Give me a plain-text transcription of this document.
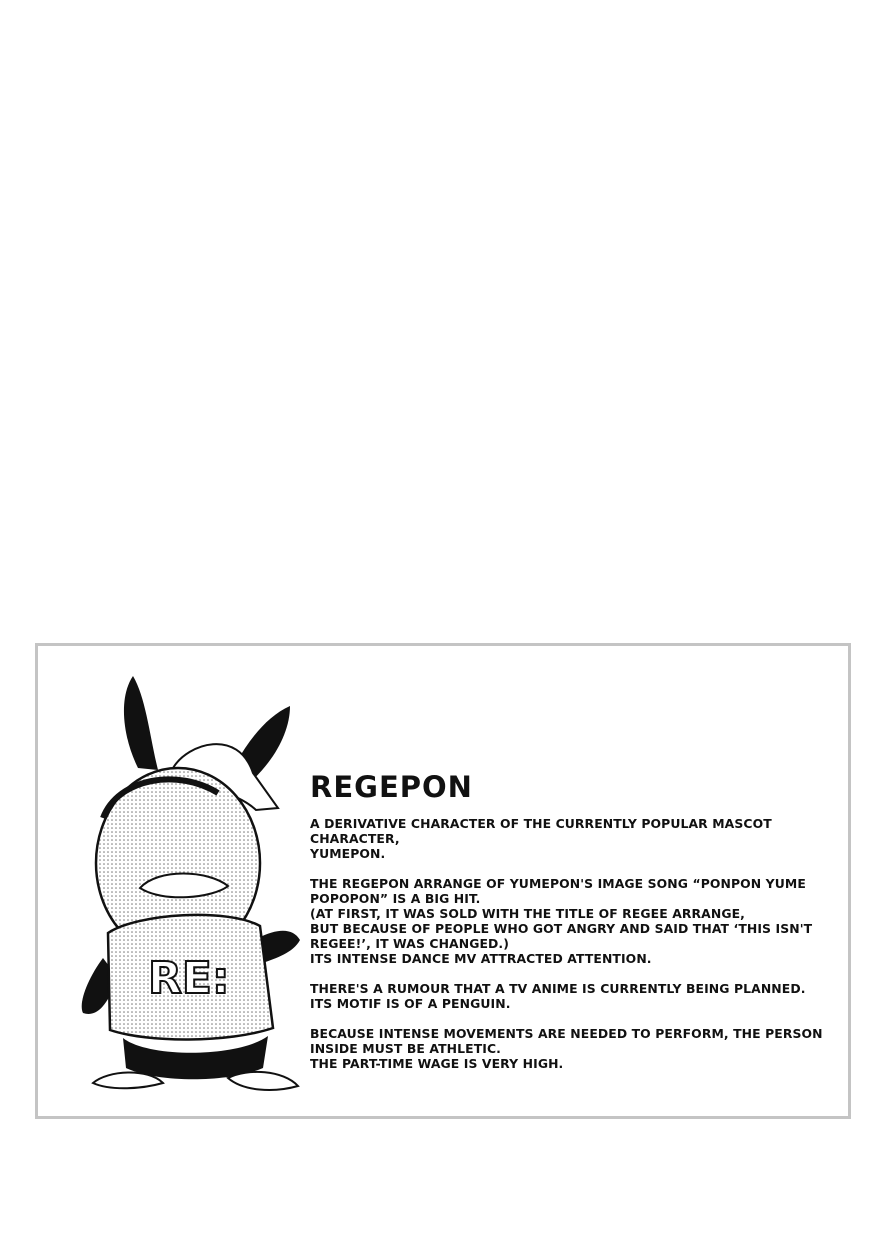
RE:
REGEPON

A DERIVATIVE CHARACTER OF THE CURRENTLY POPULAR MASCOT CHARACTER,
YUMEPON.

THE REGEPON ARRANGE OF YUMEPON'S IMAGE SONG “PONPON YUME
POPOPON” IS A BIG HIT.
(AT FIRST, IT WAS SOLD WITH THE TITLE OF REGEE ARRANGE,
BUT BECAUSE OF PEOPLE WHO GOT ANGRY AND SAID THAT ‘THIS ISN'T
REGEE!’, IT WAS CHANGED.)
ITS INTENSE DANCE MV ATTRACTED ATTENTION.

THERE'S A RUMOUR THAT A TV ANIME IS CURRENTLY BEING PLANNED.
ITS MOTIF IS OF A PENGUIN.

BECAUSE INTENSE MOVEMENTS ARE NEEDED TO PERFORM, THE PERSON
INSIDE MUST BE ATHLETIC.
THE PART-TIME WAGE IS VERY HIGH.
